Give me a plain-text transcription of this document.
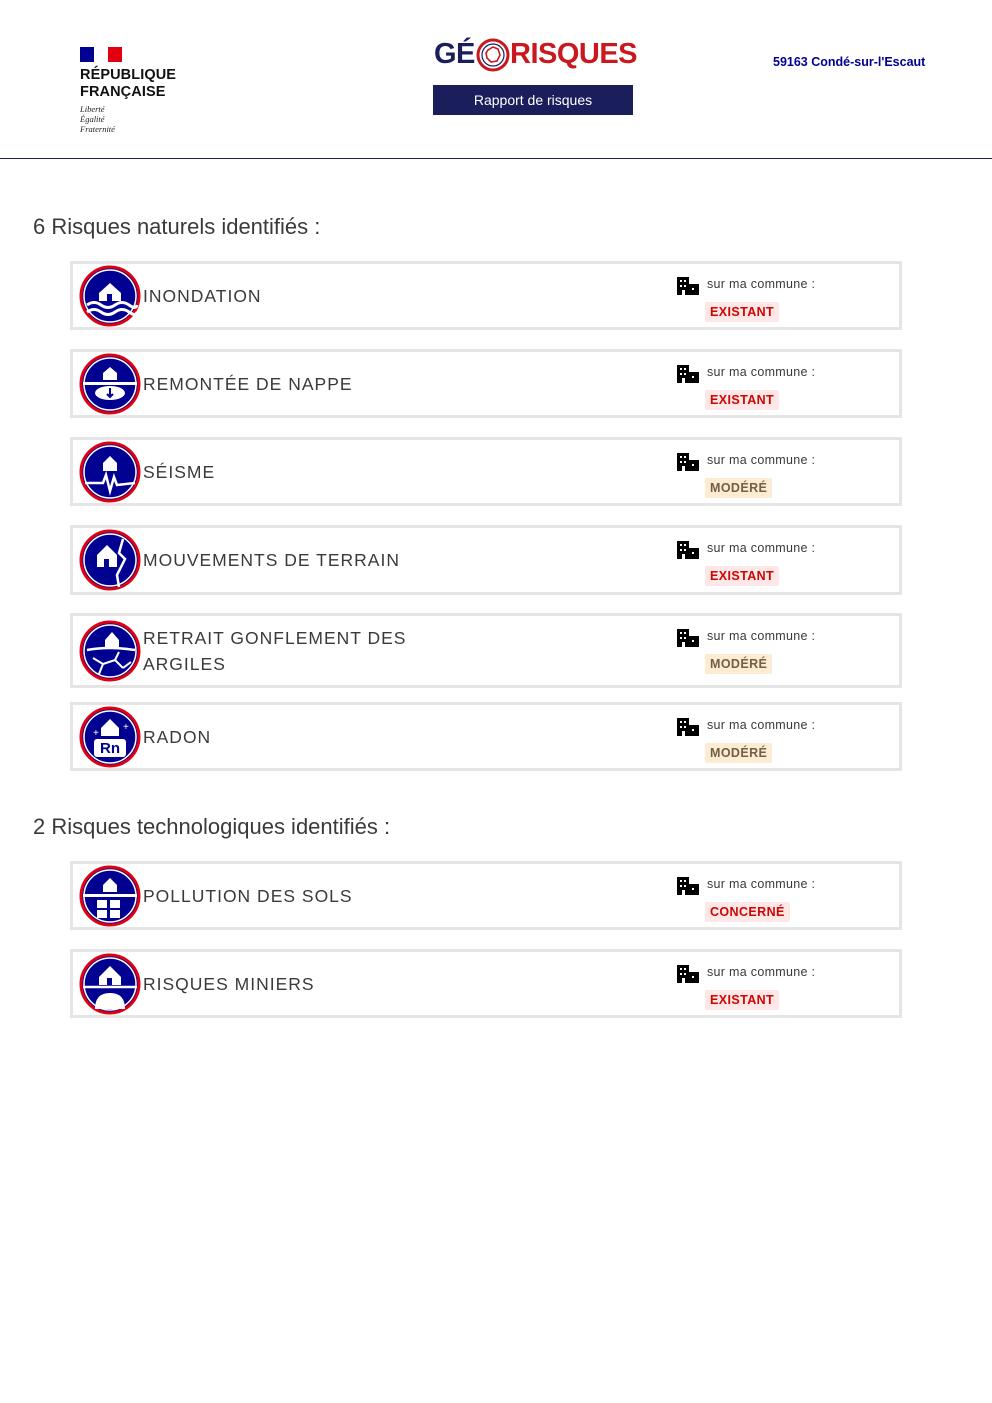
RÉPUBLIQUE
FRANÇAISE
Liberté
Égalité
Fraternité
GÉ RISQUES
Rapport de risques
59163 Condé-sur-l'Escaut
6 Risques naturels identifiés :
INONDATION
sur ma commune :
EXISTANT
REMONTÉE DE NAPPE
sur ma commune :
EXISTANT
SÉISME
sur ma commune :
MODÉRÉ
MOUVEMENTS DE TERRAIN
sur ma commune :
EXISTANT
RETRAIT GONFLEMENT DES ARGILES
sur ma commune :
MODÉRÉ
Rn
+
+ RADON
sur ma commune :
MODÉRÉ
2 Risques technologiques identifiés :
POLLUTION DES SOLS
sur ma commune :
CONCERNÉ
RISQUES MINIERS
sur ma commune :
EXISTANT
